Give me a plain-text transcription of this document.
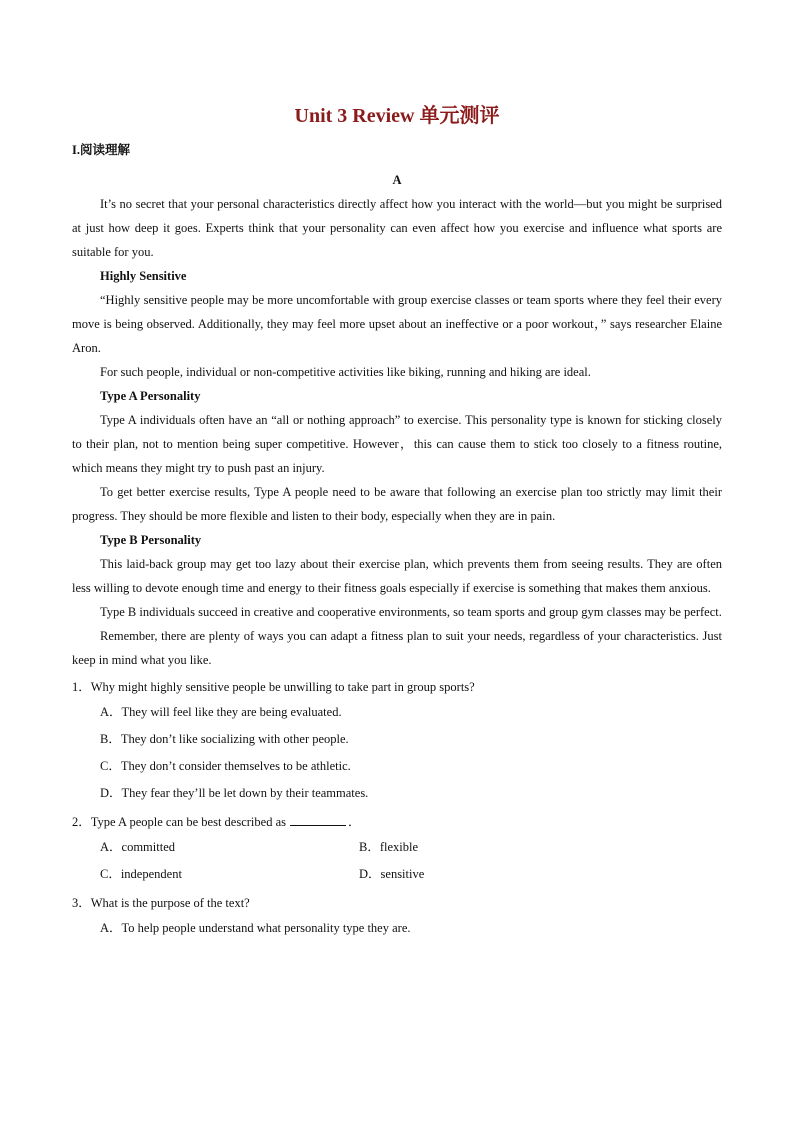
Unit 3 Review 单元测评
I.阅读理解
A

It’s no secret that your personal characteristics directly affect how you interact with the world—but you might be surprised at just how deep it goes. Experts think that your personality can even affect how you exercise and influence what sports are suitable for you.

Highly Sensitive

“Highly sensitive people may be more uncomfortable with group exercise classes or team sports where they feel their every move is being observed. Additionally, they may feel more upset about an ineffective or a poor workout，” says researcher Elaine Aron.

For such people, individual or non-competitive activities like biking, running and hiking are ideal.

Type A Personality

Type A individuals often have an “all or nothing approach” to exercise. This personality type is known for sticking closely to their plan, not to mention being super competitive. However，this can cause them to stick too closely to a fitness routine, which means they might try to push past an injury.

To get better exercise results, Type A people need to be aware that following an exercise plan too strictly may limit their progress. They should be more flexible and listen to their body, especially when they are in pain.

Type B Personality

This laid-back group may get too lazy about their exercise plan, which prevents them from seeing results. They are often less willing to devote enough time and energy to their fitness goals especially if exercise is something that makes them anxious.

Type B individuals succeed in creative and cooperative environments, so team sports and group gym classes may be perfect.

Remember, there are plenty of ways you can adapt a fitness plan to suit your needs, regardless of your characteristics. Just keep in mind what you like.

1．Why might highly sensitive people be unwilling to take part in group sports?
A．They will feel like they are being evaluated.
B．They don’t like socializing with other people.
C．They don’t consider themselves to be athletic.
D．They fear they’ll be let down by their teammates.
2．Type A people can be best described as	．
A．committed	B．flexible
C．independent	D．sensitive
3．What is the purpose of the text?
A．To help people understand what personality type they are.
